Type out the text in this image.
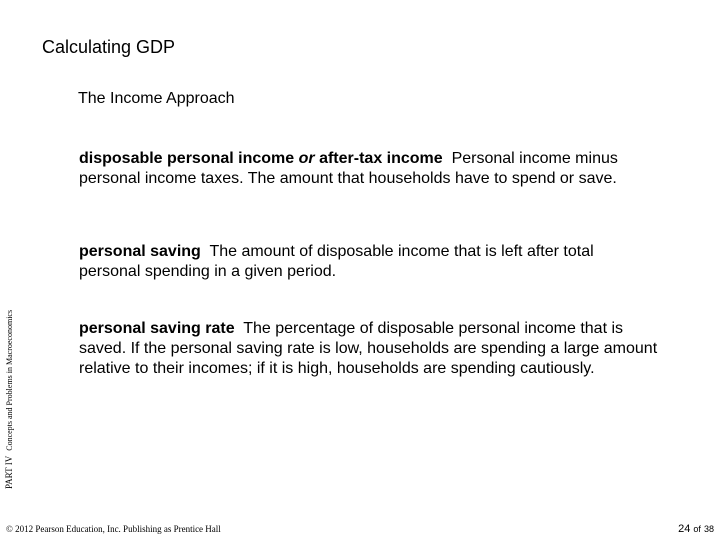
Calculating GDP
The Income Approach

disposable personal income or after-tax income Personal income minus personal income taxes. The amount that households have to spend or save.

personal saving The amount of disposable income that is left after total personal spending in a given period.

personal saving rate The percentage of disposable personal income that is saved. If the personal saving rate is low, households are spending a large amount relative to their incomes; if it is high, households are spending cautiously.

PART IV Concepts and Problems in Macroeconomics
© 2012 Pearson Education, Inc. Publishing as Prentice Hall	24 of 38
